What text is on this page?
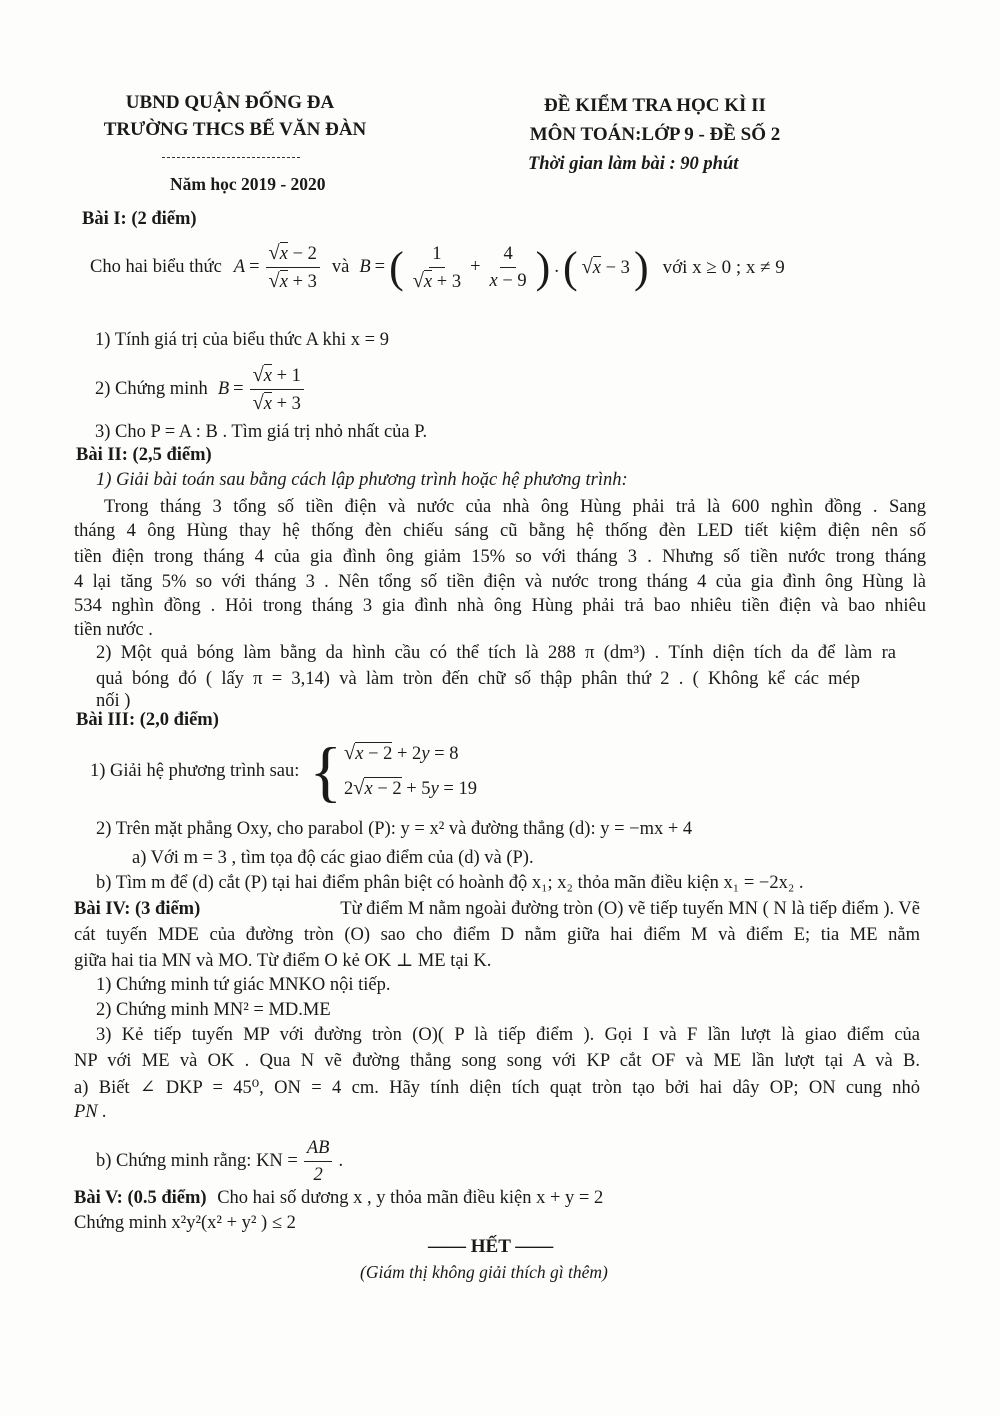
UBND QUẬN ĐỐNG ĐA
TRƯỜNG THCS BẾ VĂN ĐÀN
Năm học 2019 - 2020
ĐỀ KIỂM TRA HỌC KÌ II
MÔN TOÁN:LỚP 9 - ĐỀ SỐ 2
Thời gian làm bài : 90 phút
Bài I: (2 điểm)
Cho hai biểu thức $A = \frac{√x - 2}{√x + 3}$ và B = ( $\frac{1}{√x + 3} + \frac{4}{x - 9}$ ) . ( √x − 3 ) với x ≥ 0 ; x ≠ 9
1) Tính giá trị của biểu thức A khi x = 9
2) Chứng minh $B = \frac{√x + 1}{√x + 3}$
3) Cho P = A : B . Tìm giá trị nhỏ nhất của P.
Bài II: (2,5 điểm)
1) Giải bài toán sau bằng cách lập phương trình hoặc hệ phương trình:
Trong tháng 3 tổng số tiền điện và nước của nhà ông Hùng phải trả là 600 nghìn đồng . Sang
tháng 4 ông Hùng thay hệ thống đèn chiếu sáng cũ bằng hệ thống đèn LED tiết kiệm điện nên số
tiền điện trong tháng 4 của gia đình ông giảm 15% so với tháng 3 . Nhưng số tiền nước trong tháng
4 lại tăng 5% so với tháng 3 . Nên tổng số tiền điện và nước trong tháng 4 của gia đình ông Hùng là
534 nghìn đồng . Hỏi trong tháng 3 gia đình nhà ông Hùng phải trả bao nhiêu tiền điện và bao nhiêu
tiền nước .
2) Một quả bóng làm bằng da hình cầu có thể tích là 288 π (dm³) . Tính diện tích da để làm ra
quả bóng đó ( lấy π = 3,14) và làm tròn đến chữ số thập phân thứ 2 . ( Không kể các mép
nối )
Bài III: (2,0 điểm)
1) Giải hệ phương trình sau: { √x − 2 + 2y = 8
2√x − 2 + 5y = 19
2) Trên mặt phẳng Oxy, cho parabol (P): y = x² và đường thẳng (d): y = −mx + 4
a) Với m = 3 , tìm tọa độ các giao điểm của (d) và (P).
b) Tìm m để (d) cắt (P) tại hai điểm phân biệt có hoành độ x₁; x₂ thỏa mãn điều kiện x₁ = −2x₂ .
Bài IV: (3 điểm)	Từ điểm M nằm ngoài đường tròn (O) vẽ tiếp tuyến MN ( N là tiếp điểm ). Vẽ
cát tuyến MDE của đường tròn (O) sao cho điểm D nằm giữa hai điểm M và điểm E; tia ME nằm
giữa hai tia MN và MO. Từ điểm O kẻ OK ⊥ ME tại K.
1) Chứng minh tứ giác MNKO nội tiếp.
2) Chứng minh MN² = MD.ME
3) Kẻ tiếp tuyến MP với đường tròn (O)( P là tiếp điểm ). Gọi I và F lần lượt là giao điểm của
NP với ME và OK . Qua N vẽ đường thẳng song song với KP cắt OF và ME lần lượt tại A và B.
a) Biết ∠ DKP = 45⁰, ON = 4 cm. Hãy tính diện tích quạt tròn tạo bởi hai dây OP; ON cung nhỏ
PN .
b) Chứng minh rằng: KN = $\frac{AB}{2}$ .
Bài V: (0.5 điểm) Cho hai số dương x , y thỏa mãn điều kiện x + y = 2
Chứng minh x²y²(x² + y² ) ≤ 2
—— HẾT ——
(Giám thị không giải thích gì thêm)
